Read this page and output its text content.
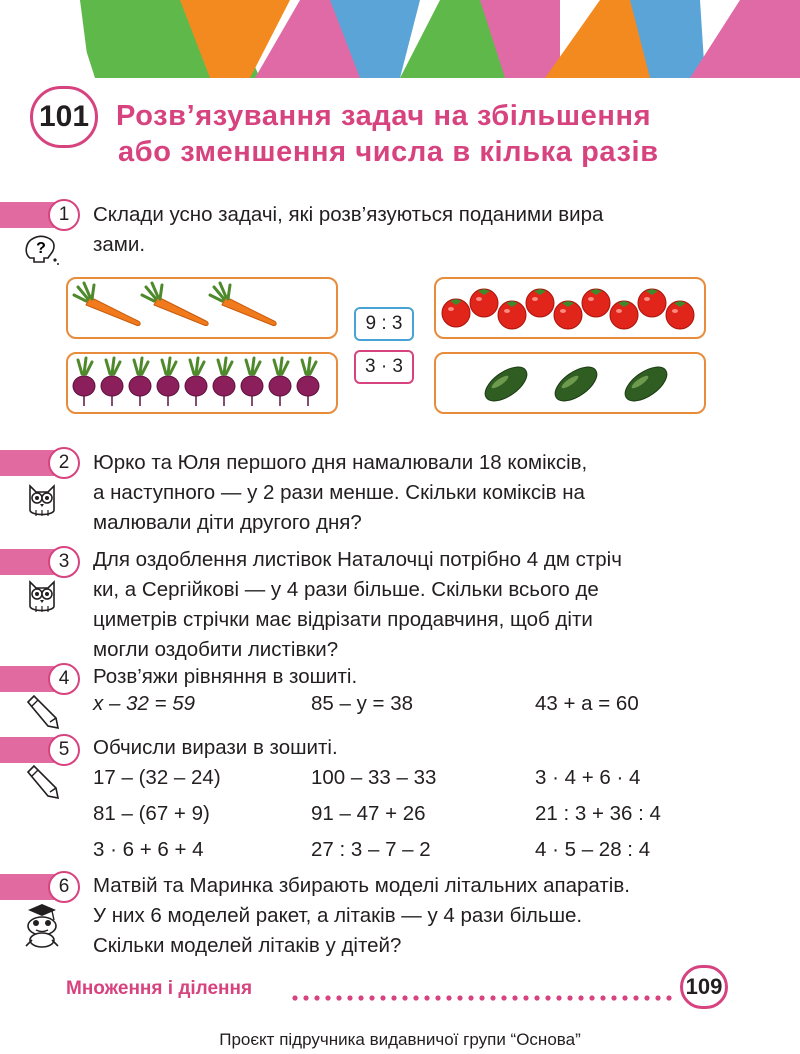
101 Розв’язування задач на збільшення
або зменшення числа в кілька разів
1
?
Склади усно задачі, які розв’язуються поданими вира
зами.
9 : 3
3 · 3
2	Юрко та Юля першого дня намалювали 18 коміксів,
а наступного — у 2 рази менше. Скільки коміксів на
малювали діти другого дня?
3	Для оздоблення листівок Наталочці потрібно 4 дм стріч
ки, а Сергійкові — у 4 рази більше. Скільки всього де
циметрів стрічки має відрізати продавчиня, щоб діти
могли оздобити листівки?
4	Розв’яжи рівняння в зошиті.
x – 32 = 59	85 – y = 38	43 + a = 60
5	Обчисли вирази в зошиті.
17 – (32 – 24)	100 – 33 – 33	3 · 4 + 6 · 4
81 – (67 + 9)	91 – 47 + 26	21 : 3 + 36 : 4
3 · 6 + 6 + 4	27 : 3 – 7 – 2	4 · 5 – 28 : 4
6	Матвій та Маринка збирають моделі літальних апаратів.
У них 6 моделей ракет, а літаків — у 4 рази більше.
Скільки моделей літаків у дітей?
Множення і ділення	109
Проєкт підручника видавничої групи “Основа”
